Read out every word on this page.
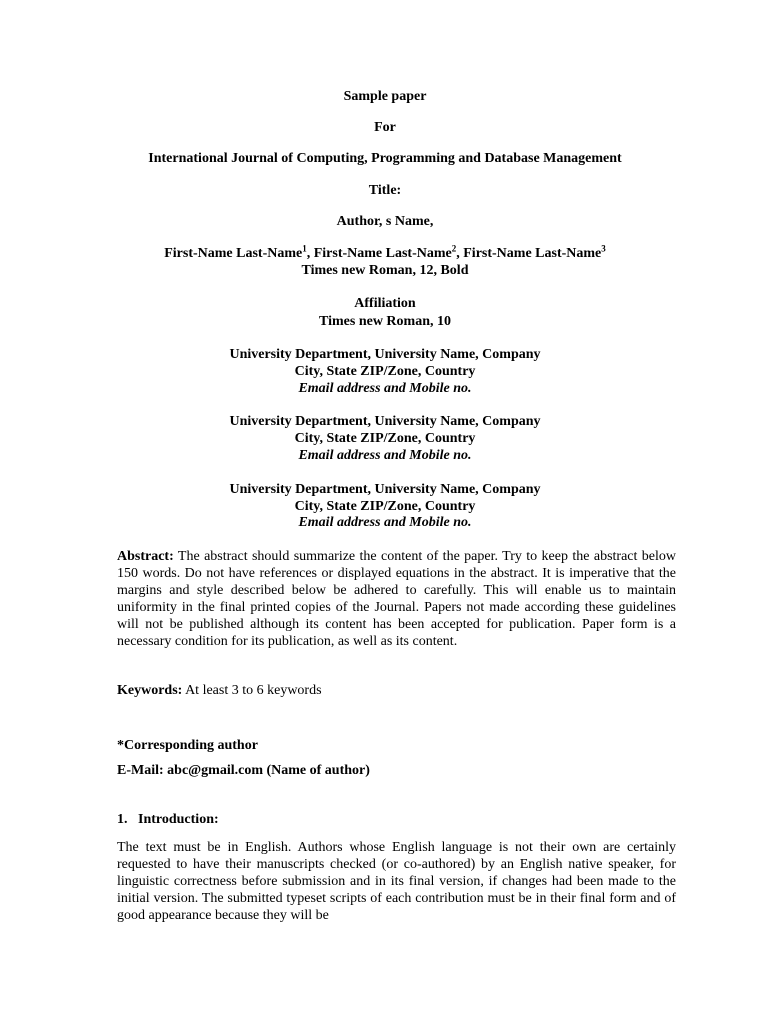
Sample paper
For
International Journal of Computing, Programming and Database Management
Title:
Author, s Name,
First-Name Last-Name$^1$, First-Name Last-Name$^2$, First-Name Last-Name$^3$
Times new Roman, 12, Bold
Affiliation
Times new Roman, 10
University Department, University Name, Company
City, State ZIP/Zone, Country
Email address and Mobile no.
University Department, University Name, Company
City, State ZIP/Zone, Country
Email address and Mobile no.
University Department, University Name, Company
City, State ZIP/Zone, Country
Email address and Mobile no.
Abstract: The abstract should summarize the content of the paper. Try to keep the abstract below 150 words. Do not have references or displayed equations in the abstract. It is imperative that the margins and style described below be adhered to carefully. This will enable us to maintain uniformity in the final printed copies of the Journal. Papers not made according these guidelines will not be published although its content has been accepted for publication. Paper form is a necessary condition for its publication, as well as its content.
Keywords: At least 3 to 6 keywords
*Corresponding author
E-Mail: abc@gmail.com (Name of author)
1.   Introduction:
The text must be in English. Authors whose English language is not their own are certainly requested to have their manuscripts checked (or co-authored) by an English native speaker, for linguistic correctness before submission and in its final version, if changes had been made to the initial version. The submitted typeset scripts of each contribution must be in their final form and of good appearance because they will be
